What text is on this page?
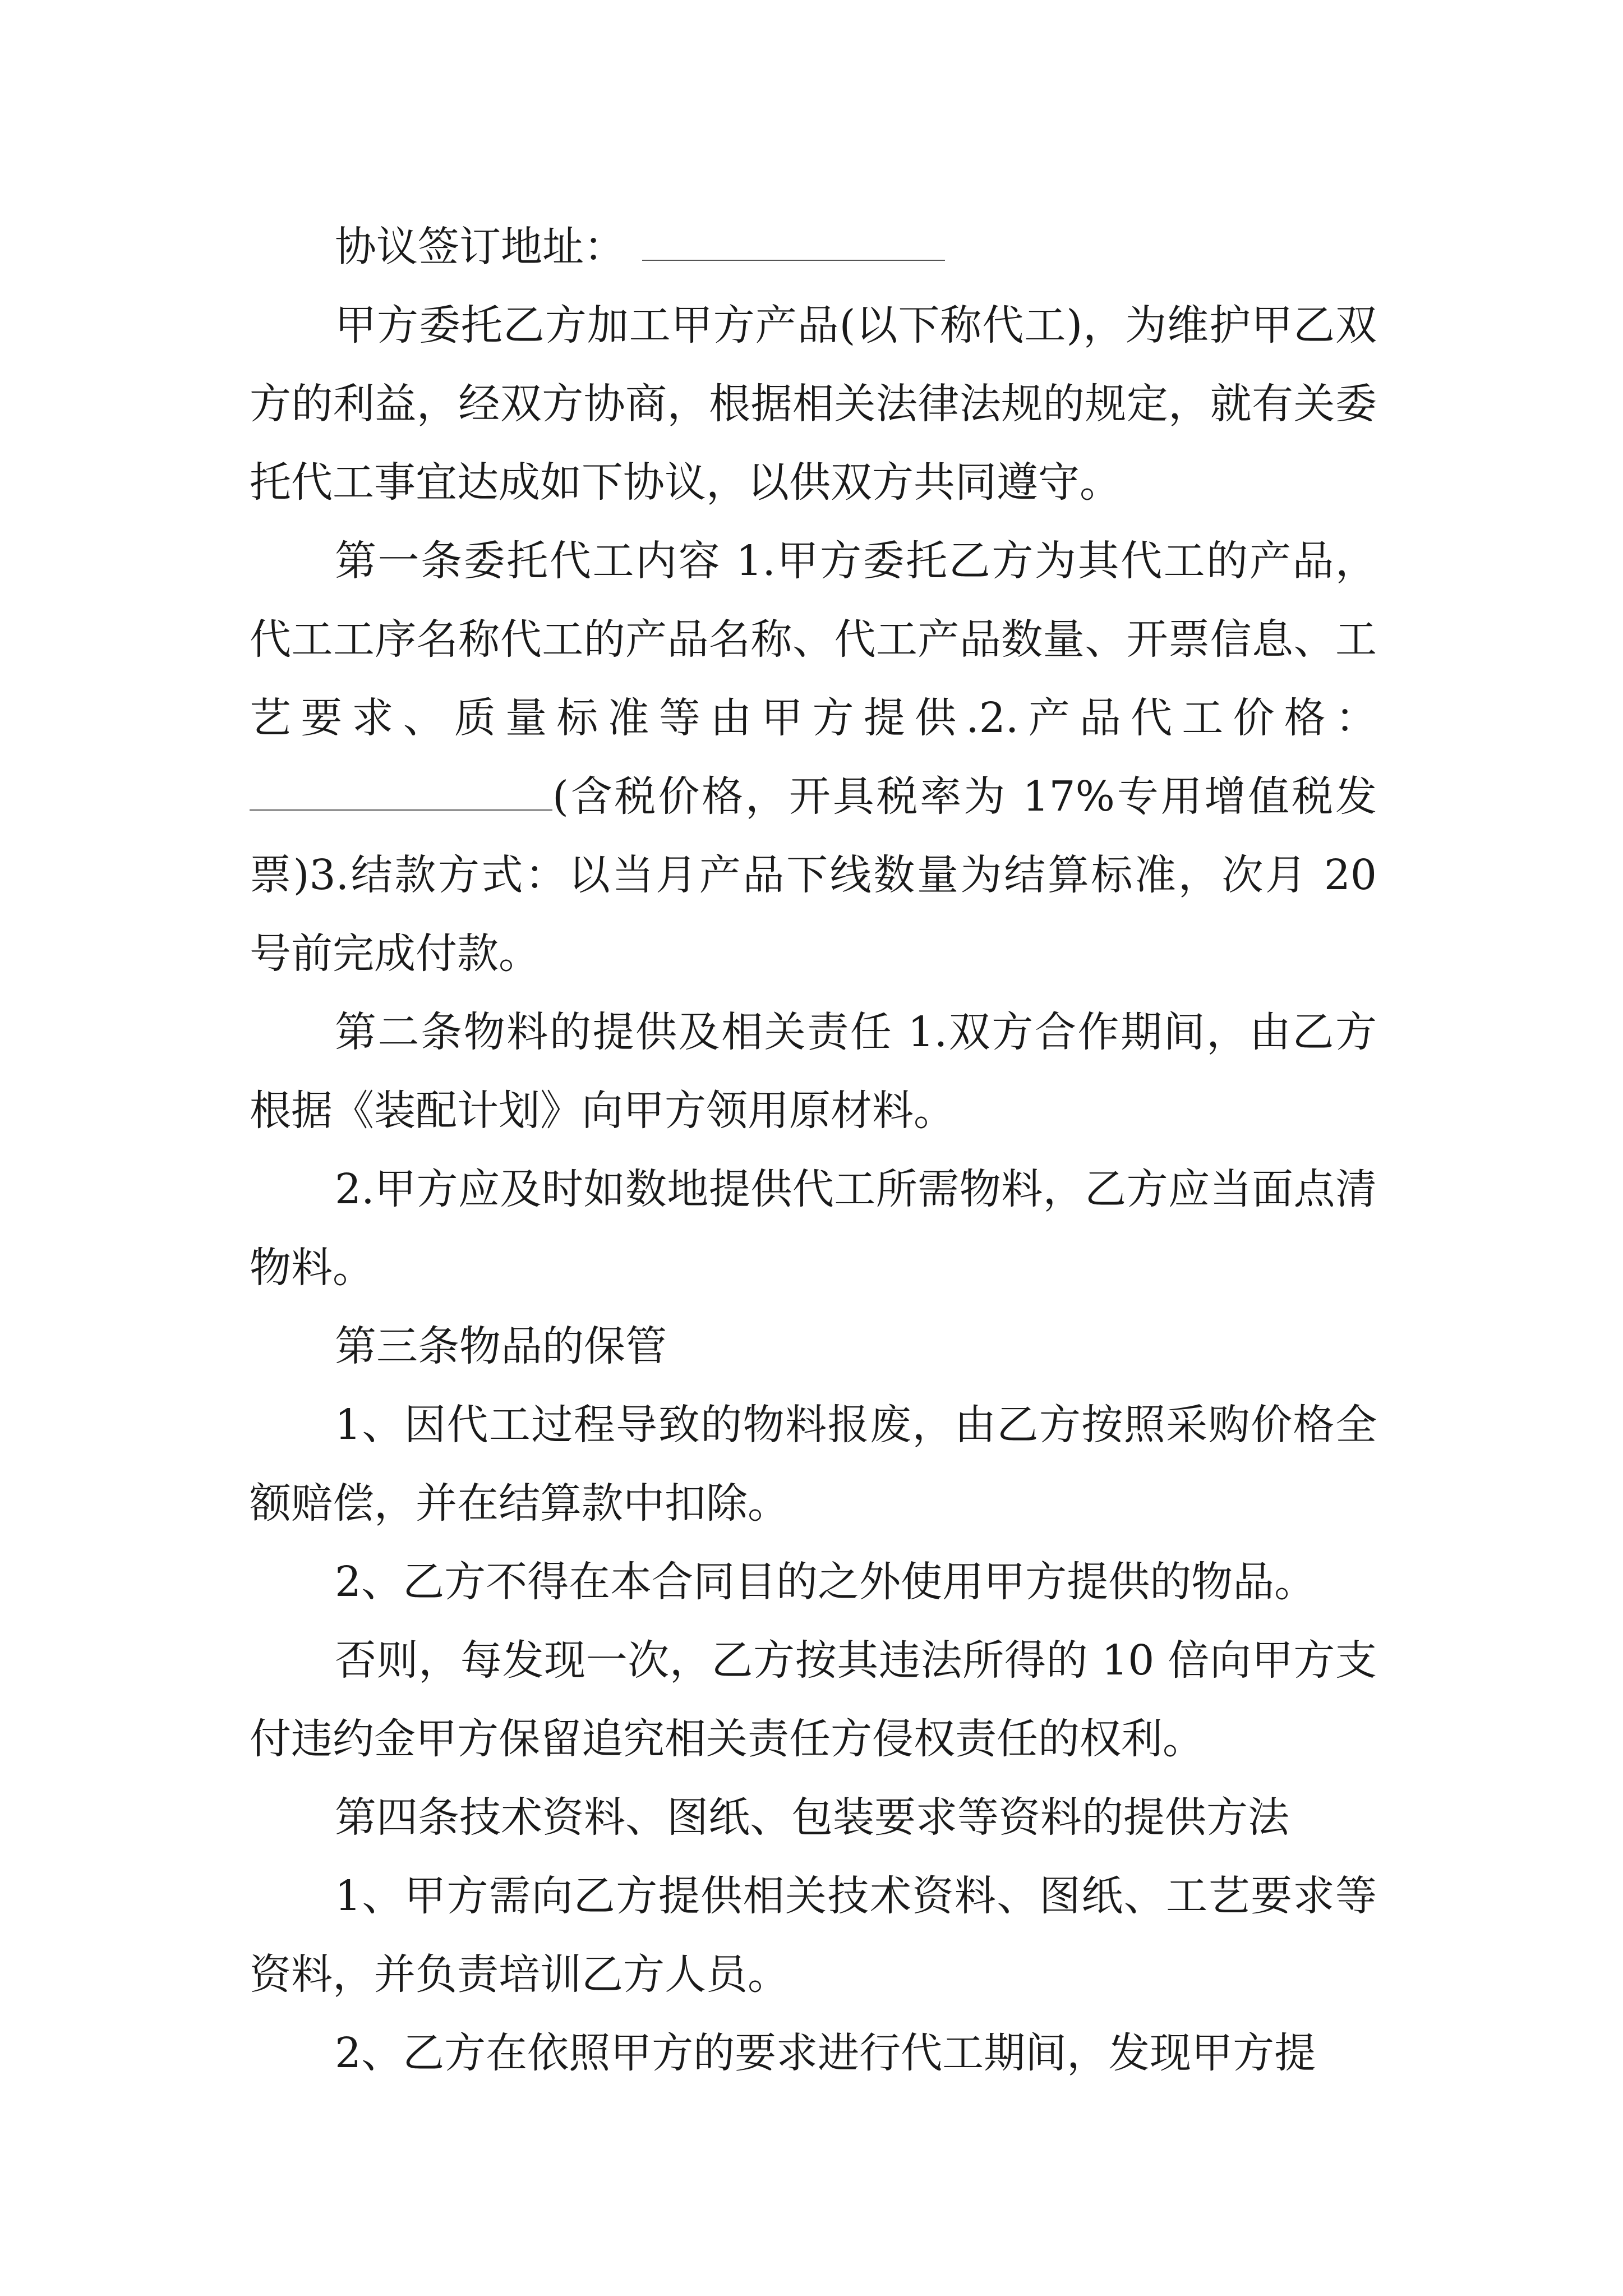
协议签订地址：

甲方委托乙方加工甲方产品(以下称代工)，为维护甲乙双方的利益，经双方协商，根据相关法律法规的规定，就有关委托代工事宜达成如下协议，以供双方共同遵守。

第一条委托代工内容 1.甲方委托乙方为其代工的产品，代工工序名称代工的产品名称、代工产品数量、开票信息、工艺要求、质量标准等由甲方提供.2.产品代工价格：(含税价格，开具税率为 17%专用增值税发票)3.结款方式：以当月产品下线数量为结算标准，次月 20 号前完成付款。

第二条物料的提供及相关责任 1.双方合作期间，由乙方根据《装配计划》向甲方领用原材料。

2.甲方应及时如数地提供代工所需物料，乙方应当面点清物料。

第三条物品的保管

1、因代工过程导致的物料报废，由乙方按照采购价格全额赔偿，并在结算款中扣除。

2、乙方不得在本合同目的之外使用甲方提供的物品。

否则，每发现一次，乙方按其违法所得的 10 倍向甲方支付违约金甲方保留追究相关责任方侵权责任的权利。

第四条技术资料、图纸、包装要求等资料的提供方法

1、甲方需向乙方提供相关技术资料、图纸、工艺要求等资料，并负责培训乙方人员。

2、乙方在依照甲方的要求进行代工期间，发现甲方提
